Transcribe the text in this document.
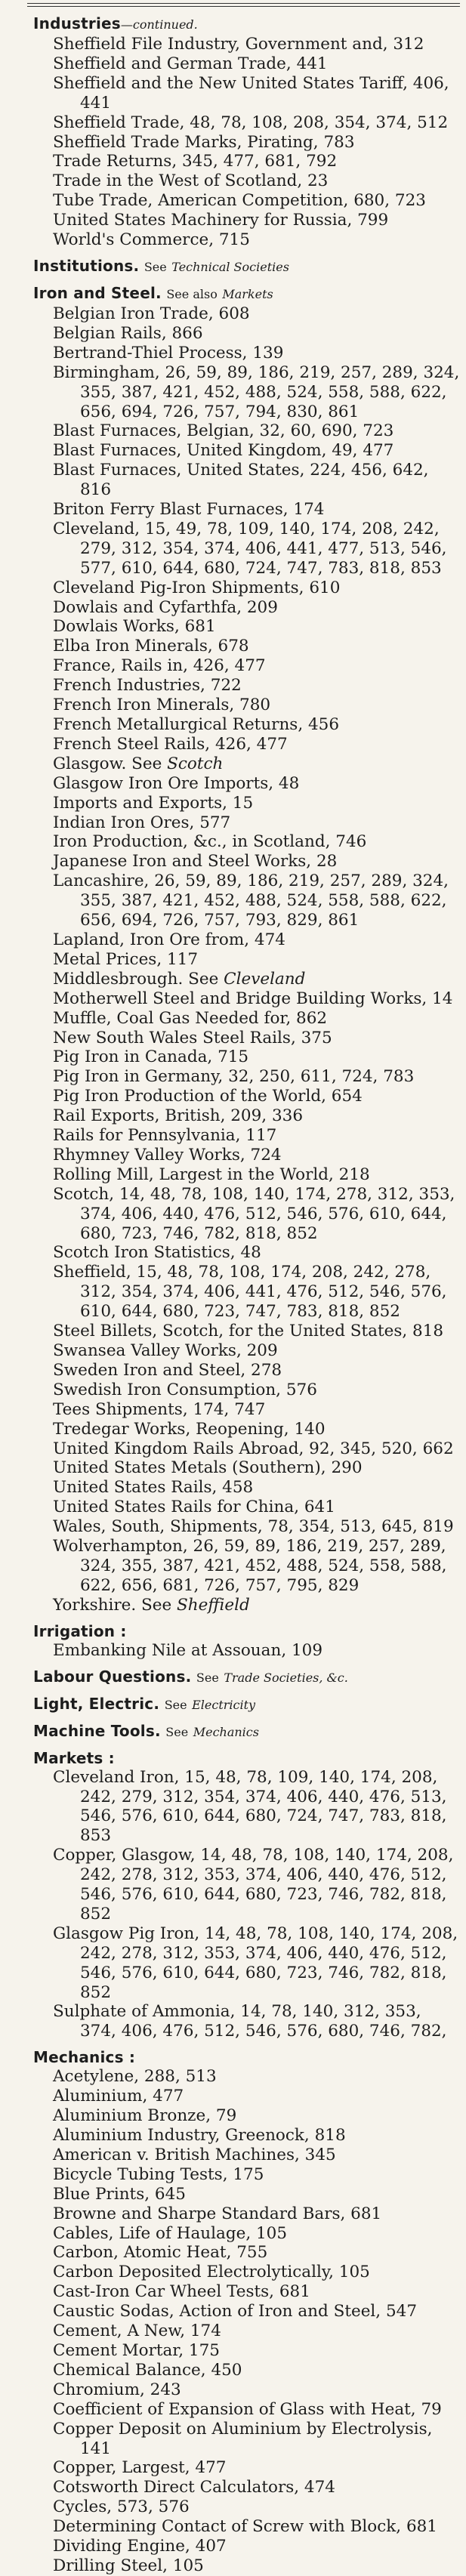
Industries—continued.

Sheffield File Industry, Government and, 312

Sheffield and German Trade, 441

Sheffield and the New United States Tariff, 406, 441

Sheffield Trade, 48, 78, 108, 208, 354, 374, 512

Sheffield Trade Marks, Pirating, 783

Trade Returns, 345, 477, 681, 792

Trade in the West of Scotland, 23

Tube Trade, American Competition, 680, 723

United States Machinery for Russia, 799

World's Commerce, 715

Institutions. See Technical Societies

Iron and Steel. See also Markets

Belgian Iron Trade, 608

Belgian Rails, 866

Bertrand-Thiel Process, 139

Birmingham, 26, 59, 89, 186, 219, 257, 289, 324, 355, 387, 421, 452, 488, 524, 558, 588, 622, 656, 694, 726, 757, 794, 830, 861

Blast Furnaces, Belgian, 32, 60, 690, 723

Blast Furnaces, United Kingdom, 49, 477

Blast Furnaces, United States, 224, 456, 642, 816

Briton Ferry Blast Furnaces, 174

Cleveland, 15, 49, 78, 109, 140, 174, 208, 242, 279, 312, 354, 374, 406, 441, 477, 513, 546, 577, 610, 644, 680, 724, 747, 783, 818, 853

Cleveland Pig-Iron Shipments, 610

Dowlais and Cyfarthfa, 209

Dowlais Works, 681

Elba Iron Minerals, 678

France, Rails in, 426, 477

French Industries, 722

French Iron Minerals, 780

French Metallurgical Returns, 456

French Steel Rails, 426, 477

Glasgow. See Scotch

Glasgow Iron Ore Imports, 48

Imports and Exports, 15

Indian Iron Ores, 577

Iron Production, &c., in Scotland, 746

Japanese Iron and Steel Works, 28

Lancashire, 26, 59, 89, 186, 219, 257, 289, 324, 355, 387, 421, 452, 488, 524, 558, 588, 622, 656, 694, 726, 757, 793, 829, 861

Lapland, Iron Ore from, 474

Metal Prices, 117

Middlesbrough. See Cleveland

Motherwell Steel and Bridge Building Works, 14

Muffle, Coal Gas Needed for, 862

New South Wales Steel Rails, 375

Pig Iron in Canada, 715

Pig Iron in Germany, 32, 250, 611, 724, 783

Pig Iron Production of the World, 654

Rail Exports, British, 209, 336

Rails for Pennsylvania, 117

Rhymney Valley Works, 724

Rolling Mill, Largest in the World, 218

Scotch, 14, 48, 78, 108, 140, 174, 278, 312, 353, 374, 406, 440, 476, 512, 546, 576, 610, 644, 680, 723, 746, 782, 818, 852

Scotch Iron Statistics, 48

Sheffield, 15, 48, 78, 108, 174, 208, 242, 278, 312, 354, 374, 406, 441, 476, 512, 546, 576, 610, 644, 680, 723, 747, 783, 818, 852

Steel Billets, Scotch, for the United States, 818

Swansea Valley Works, 209

Sweden Iron and Steel, 278

Swedish Iron Consumption, 576

Tees Shipments, 174, 747

Tredegar Works, Reopening, 140

United Kingdom Rails Abroad, 92, 345, 520, 662

United States Metals (Southern), 290

United States Rails, 458

United States Rails for China, 641

Wales, South, Shipments, 78, 354, 513, 645, 819

Wolverhampton, 26, 59, 89, 186, 219, 257, 289, 324, 355, 387, 421, 452, 488, 524, 558, 588, 622, 656, 681, 726, 757, 795, 829

Yorkshire. See Sheffield

Irrigation :

Embanking Nile at Assouan, 109

Labour Questions. See Trade Societies, &c.

Light, Electric. See Electricity

Machine Tools. See Mechanics

Markets :

Cleveland Iron, 15, 48, 78, 109, 140, 174, 208, 242, 279, 312, 354, 374, 406, 440, 476, 513, 546, 576, 610, 644, 680, 724, 747, 783, 818, 853

Copper, Glasgow, 14, 48, 78, 108, 140, 174, 208, 242, 278, 312, 353, 374, 406, 440, 476, 512, 546, 576, 610, 644, 680, 723, 746, 782, 818, 852

Glasgow Pig Iron, 14, 48, 78, 108, 140, 174, 208, 242, 278, 312, 353, 374, 406, 440, 476, 512, 546, 576, 610, 644, 680, 723, 746, 782, 818, 852

Sulphate of Ammonia, 14, 78, 140, 312, 353, 374, 406, 476, 512, 546, 576, 680, 746, 782,

Mechanics :

Acetylene, 288, 513

Aluminium, 477

Aluminium Bronze, 79

Aluminium Industry, Greenock, 818

American v. British Machines, 345

Bicycle Tubing Tests, 175

Blue Prints, 645

Browne and Sharpe Standard Bars, 681

Cables, Life of Haulage, 105

Carbon, Atomic Heat, 755

Carbon Deposited Electrolytically, 105

Cast-Iron Car Wheel Tests, 681

Caustic Sodas, Action of Iron and Steel, 547

Cement, A New, 174

Cement Mortar, 175

Chemical Balance, 450

Chromium, 243

Coefficient of Expansion of Glass with Heat, 79

Copper Deposit on Aluminium by Electrolysis, 141

Copper, Largest, 477

Cotsworth Direct Calculators, 474

Cycles, 573, 576

Determining Contact of Screw with Block, 681

Dividing Engine, 407

Drilling Steel, 105
